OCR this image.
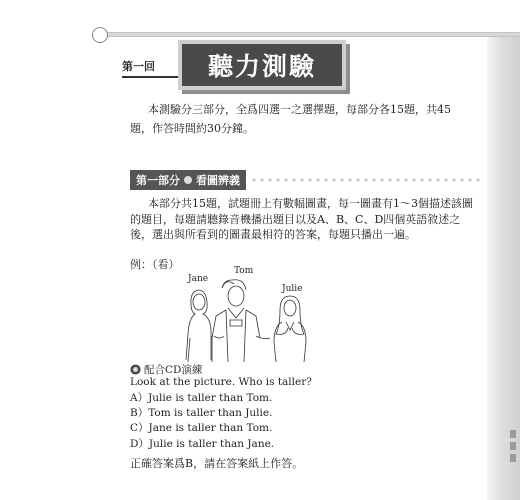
第一回	聽力測驗

本測驗分三部分，全爲四選一之選擇題，每部分各15題，共45題，作答時間約30分鐘。

第一部分 看圖辨義

本部分共15題，試題冊上有數幅圖畫，每一圖畫有1～3個描述該圖的題目，每題請聽錄音機播出題目以及A、B、C、D四個英語敘述之後，選出與所看到的圖畫最相符的答案，每題只播出一遍。

例：（看）
Jane
Tom
Julie
配合CD演練
Look at the picture. Who is taller?
A）Julie is taller than Tom.
B）Tom is taller than Julie.
C）Jane is taller than Tom.
D）Julie is taller than Jane.
正確答案爲B，請在答案紙上作答。
